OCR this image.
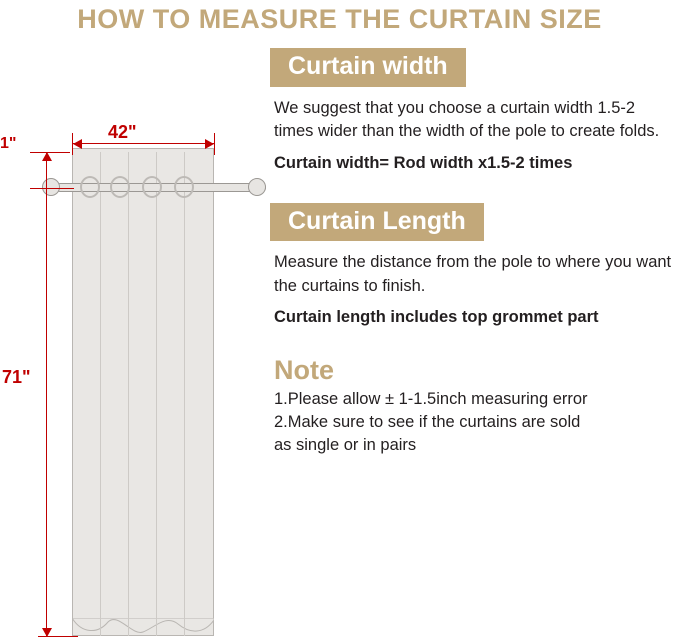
HOW TO MEASURE THE CURTAIN SIZE
42"
71"
1"
Curtain width

We suggest that you choose a curtain width 1.5-2 times wider than the width of the pole to create folds.

Curtain width= Rod width x1.5-2 times

Curtain Length

Measure the distance from the pole to where you want the curtains to finish.

Curtain length includes top grommet part

Note
1.Please allow ± 1-1.5inch measuring error
2.Make sure to see if the curtains are sold
as single or in pairs
